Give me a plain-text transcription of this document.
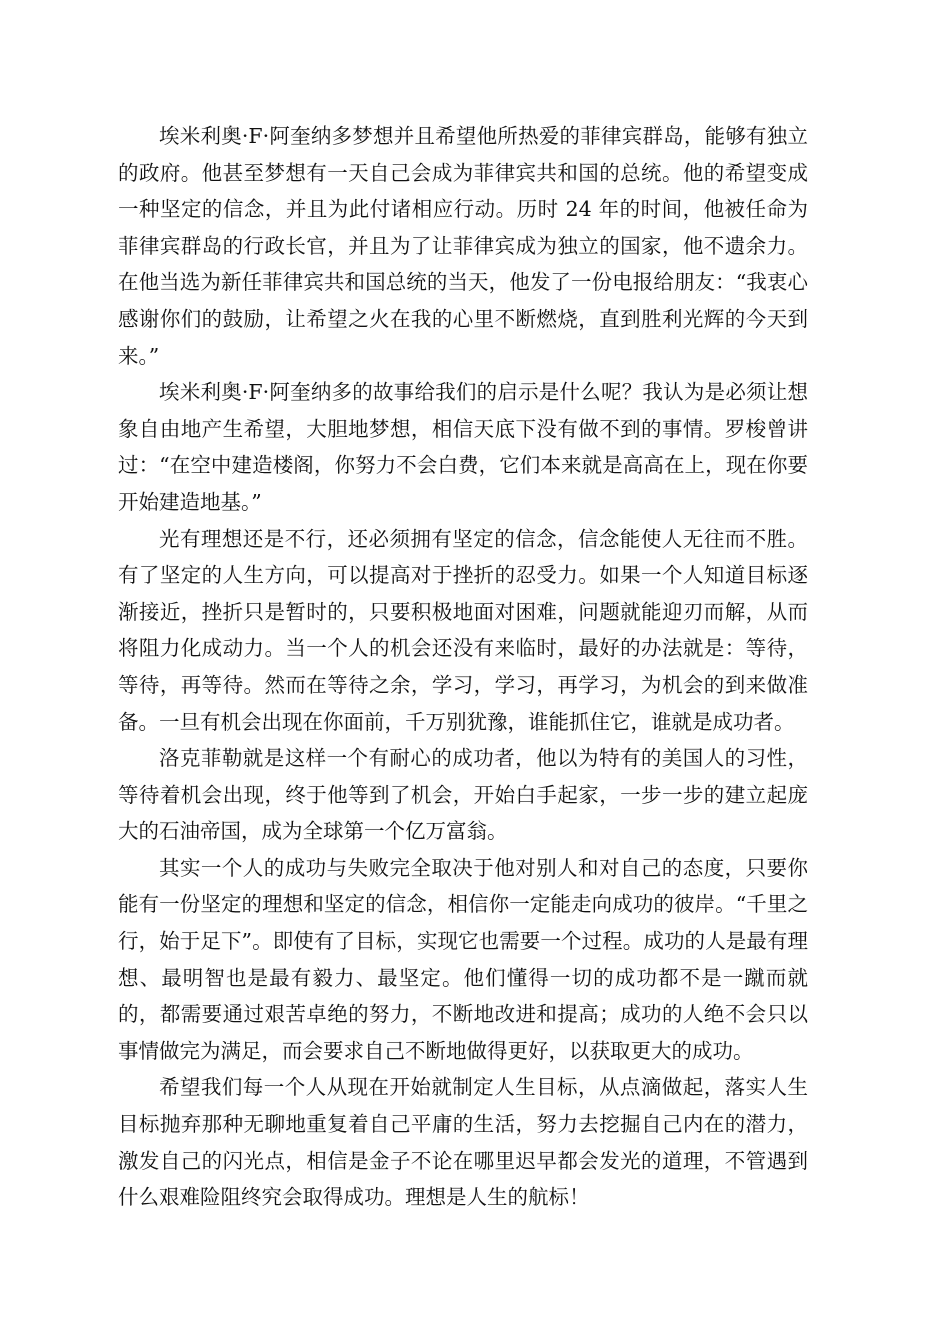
埃米利奥·F·阿奎纳多梦想并且希望他所热爱的菲律宾群岛，能够有独立的政府。他甚至梦想有一天自己会成为菲律宾共和国的总统。他的希望变成一种坚定的信念，并且为此付诸相应行动。历时 24 年的时间，他被任命为菲律宾群岛的行政长官，并且为了让菲律宾成为独立的国家，他不遗余力。在他当选为新任菲律宾共和国总统的当天，他发了一份电报给朋友：“我衷心感谢你们的鼓励，让希望之火在我的心里不断燃烧，直到胜利光辉的今天到来。”

埃米利奥·F·阿奎纳多的故事给我们的启示是什么呢？我认为是必须让想象自由地产生希望，大胆地梦想，相信天底下没有做不到的事情。罗梭曾讲过：“在空中建造楼阁，你努力不会白费，它们本来就是高高在上，现在你要开始建造地基。”

光有理想还是不行，还必须拥有坚定的信念，信念能使人无往而不胜。有了坚定的人生方向，可以提高对于挫折的忍受力。如果一个人知道目标逐渐接近，挫折只是暂时的，只要积极地面对困难，问题就能迎刃而解，从而将阻力化成动力。当一个人的机会还没有来临时，最好的办法就是：等待，等待，再等待。然而在等待之余，学习，学习，再学习，为机会的到来做准备。一旦有机会出现在你面前，千万别犹豫，谁能抓住它，谁就是成功者。

洛克菲勒就是这样一个有耐心的成功者，他以为特有的美国人的习性，等待着机会出现，终于他等到了机会，开始白手起家，一步一步的建立起庞大的石油帝国，成为全球第一个亿万富翁。

其实一个人的成功与失败完全取决于他对别人和对自己的态度，只要你能有一份坚定的理想和坚定的信念，相信你一定能走向成功的彼岸。“千里之行，始于足下”。即使有了目标，实现它也需要一个过程。成功的人是最有理想、最明智也是最有毅力、最坚定。他们懂得一切的成功都不是一蹴而就的，都需要通过艰苦卓绝的努力，不断地改进和提高；成功的人绝不会只以事情做完为满足，而会要求自己不断地做得更好，以获取更大的成功。

希望我们每一个人从现在开始就制定人生目标，从点滴做起，落实人生目标抛弃那种无聊地重复着自己平庸的生活，努力去挖掘自己内在的潜力，激发自己的闪光点，相信是金子不论在哪里迟早都会发光的道理，不管遇到什么艰难险阻终究会取得成功。理想是人生的航标！
